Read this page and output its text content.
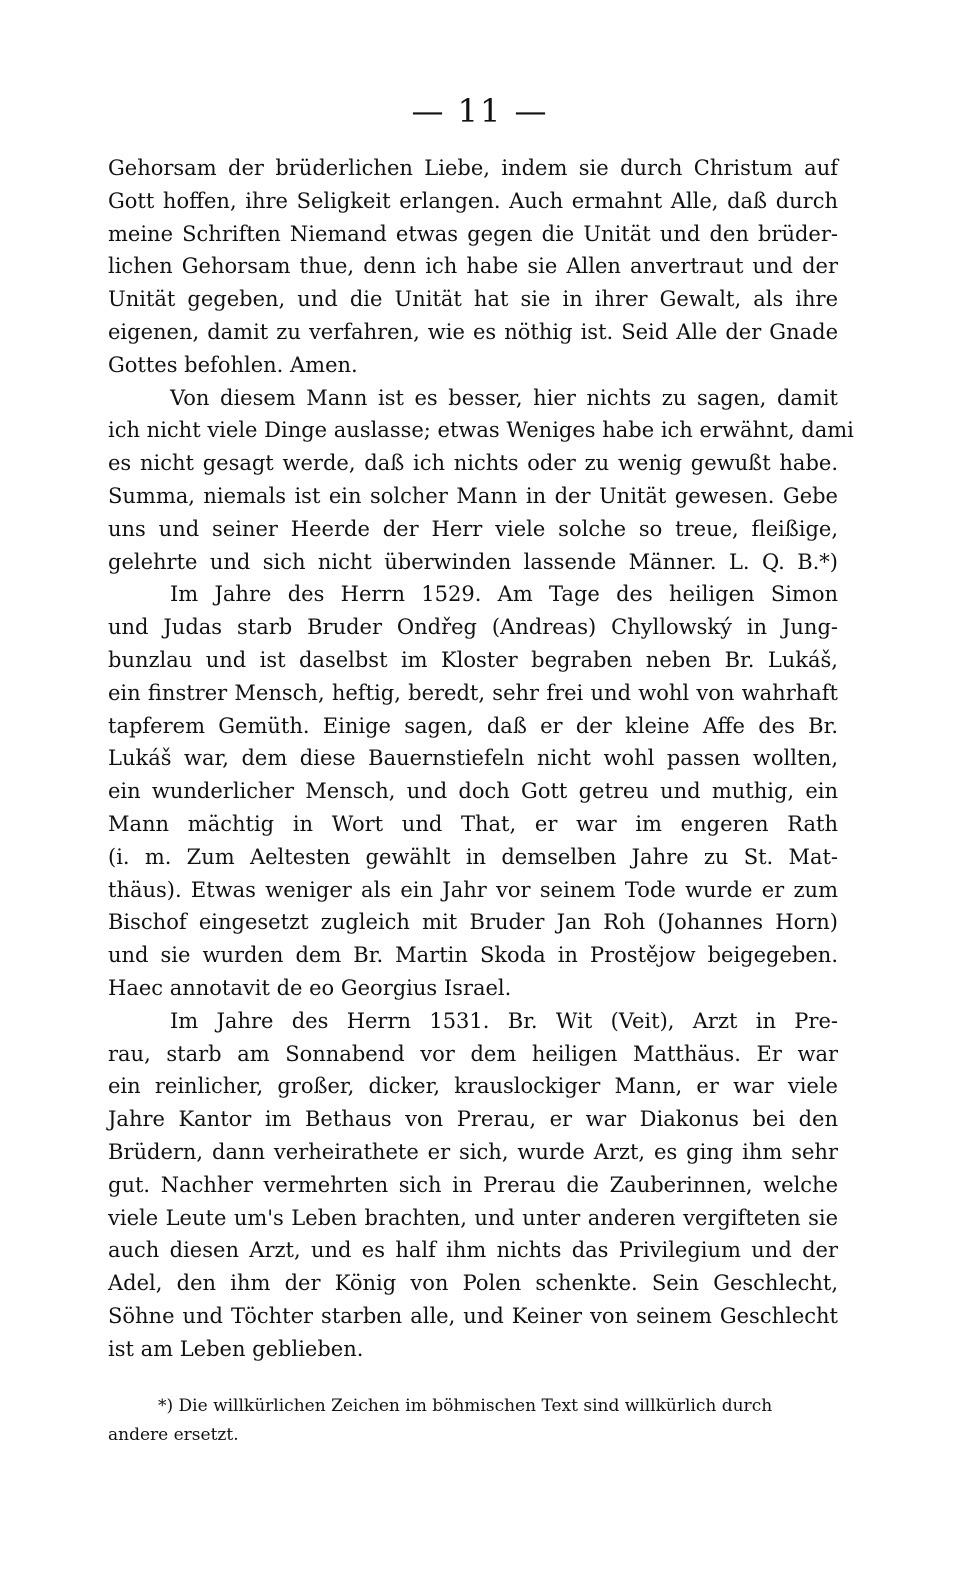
— 11 —
Gehorsam der brüderlichen Liebe, indem sie durch Christum auf
Gott hoffen, ihre Seligkeit erlangen. Auch ermahnt Alle, daß durch
meine Schriften Niemand etwas gegen die Unität und den brüder-
lichen Gehorsam thue, denn ich habe sie Allen anvertraut und der
Unität gegeben, und die Unität hat sie in ihrer Gewalt, als ihre
eigenen, damit zu verfahren, wie es nöthig ist. Seid Alle der Gnade
Gottes befohlen. Amen.
Von diesem Mann ist es besser, hier nichts zu sagen, damit
ich nicht viele Dinge auslasse; etwas Weniges habe ich erwähnt, dami
es nicht gesagt werde, daß ich nichts oder zu wenig gewußt habe.
Summa, niemals ist ein solcher Mann in der Unität gewesen. Gebe
uns und seiner Heerde der Herr viele solche so treue, fleißige,
gelehrte und sich nicht überwinden lassende Männer. L. Q. B.*)
Im Jahre des Herrn 1529. Am Tage des heiligen Simon
und Judas starb Bruder Ondřeg (Andreas) Chyllowský in Jung-
bunzlau und ist daselbst im Kloster begraben neben Br. Lukáš,
ein finstrer Mensch, heftig, beredt, sehr frei und wohl von wahrhaft
tapferem Gemüth. Einige sagen, daß er der kleine Affe des Br.
Lukáš war, dem diese Bauernstiefeln nicht wohl passen wollten,
ein wunderlicher Mensch, und doch Gott getreu und muthig, ein
Mann mächtig in Wort und That, er war im engeren Rath
(i. m. Zum Aeltesten gewählt in demselben Jahre zu St. Mat-
thäus). Etwas weniger als ein Jahr vor seinem Tode wurde er zum
Bischof eingesetzt zugleich mit Bruder Jan Roh (Johannes Horn)
und sie wurden dem Br. Martin Skoda in Prostějow beigegeben.
Haec annotavit de eo Georgius Israel.
Im Jahre des Herrn 1531. Br. Wit (Veit), Arzt in Pre-
rau, starb am Sonnabend vor dem heiligen Matthäus. Er war
ein reinlicher, großer, dicker, krauslockiger Mann, er war viele
Jahre Kantor im Bethaus von Prerau, er war Diakonus bei den
Brüdern, dann verheirathete er sich, wurde Arzt, es ging ihm sehr
gut. Nachher vermehrten sich in Prerau die Zauberinnen, welche
viele Leute um's Leben brachten, und unter anderen vergifteten sie
auch diesen Arzt, und es half ihm nichts das Privilegium und der
Adel, den ihm der König von Polen schenkte. Sein Geschlecht,
Söhne und Töchter starben alle, und Keiner von seinem Geschlecht
ist am Leben geblieben.
*) Die willkürlichen Zeichen im böhmischen Text sind willkürlich durch
andere ersetzt.
